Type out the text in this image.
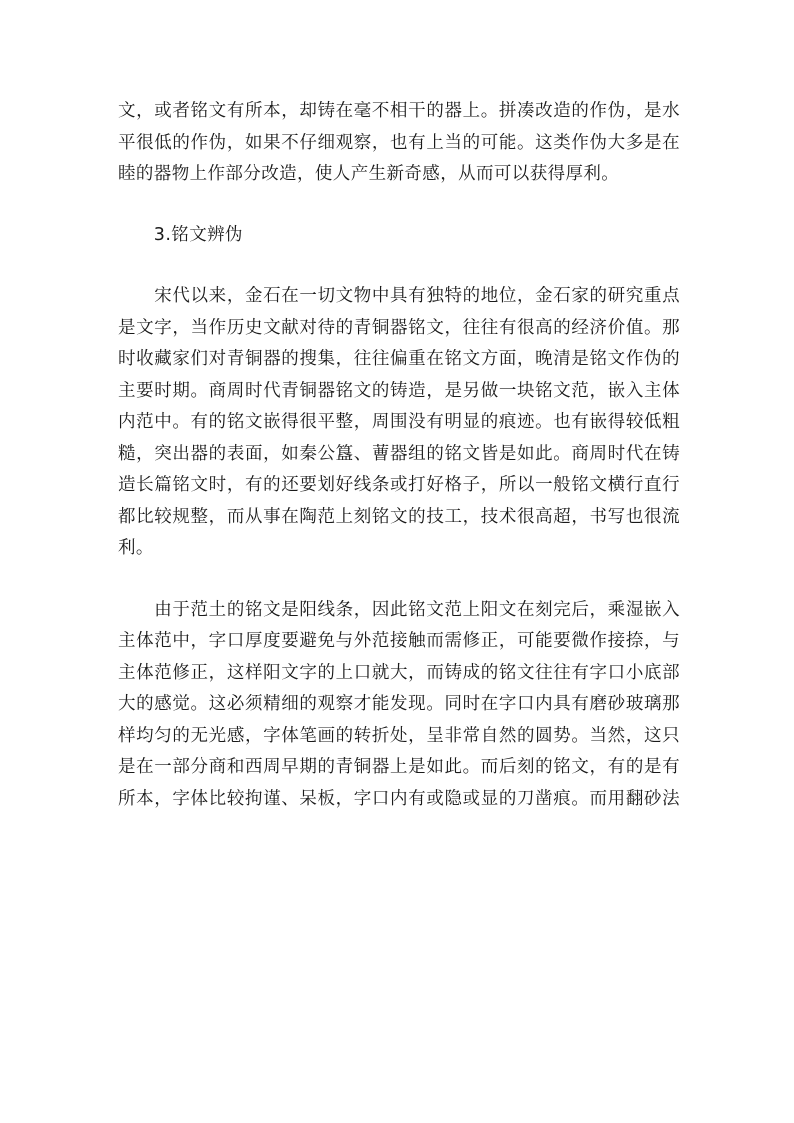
文，或者铭文有所本，却铸在毫不相干的器上。拼凑改造的作伪，是水
平很低的作伪，如果不仔细观察，也有上当的可能。这类作伪大多是在
睦的器物上作部分改造，使人产生新奇感，从而可以获得厚利。
　　3.铭文辨伪
　　宋代以来，金石在一切文物中具有独特的地位，金石家的研究重点
是文字，当作历史文献对待的青铜器铭文，往往有很高的经济价值。那
时收藏家们对青铜器的搜集，往往偏重在铭文方面，晚清是铭文作伪的
主要时期。商周时代青铜器铭文的铸造，是另做一块铭文范，嵌入主体
内范中。有的铭文嵌得很平整，周围没有明显的痕迹。也有嵌得较低粗
糙，突出器的表面，如秦公簋、蓸器组的铭文皆是如此。商周时代在铸
造长篇铭文时，有的还要划好线条或打好格子，所以一般铭文横行直行
都比较规整，而从事在陶范上刻铭文的技工，技术很高超，书写也很流
利。
　　由于范土的铭文是阳线条，因此铭文范上阳文在刻完后，乘湿嵌入
主体范中，字口厚度要避免与外范接触而需修正，可能要微作接捺，与
主体范修正，这样阳文字的上口就大，而铸成的铭文往往有字口小底部
大的感觉。这必须精细的观察才能发现。同时在字口内具有磨砂玻璃那
样均匀的无光感，字体笔画的转折处，呈非常自然的圆势。当然，这只
是在一部分商和西周早期的青铜器上是如此。而后刻的铭文，有的是有
所本，字体比较拘谨、呆板，字口内有或隐或显的刀凿痕。而用翻砂法
